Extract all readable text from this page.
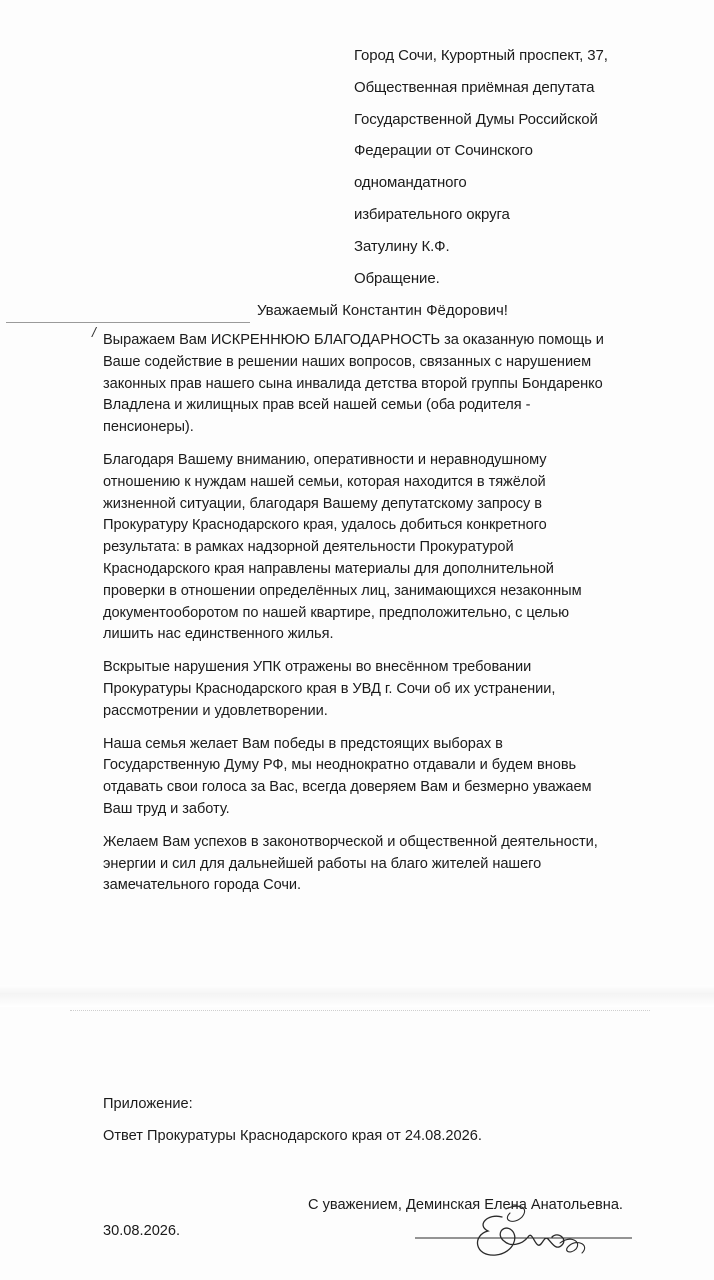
Город Сочи, Курортный проспект, 37,
Общественная приёмная депутата
Государственной Думы Российской
Федерации от Сочинского
одномандатного
избирательного округа
Затулину К.Ф.
Обращение.
Уважаемый Константин Фёдорович!
/ Выражаем Вам ИСКРЕННЮЮ БЛАГОДАРНОСТЬ за оказанную помощь и
Ваше содействие в решении наших вопросов, связанных с нарушением
законных прав нашего сына инвалида детства второй группы Бондаренко
Владлена и жилищных прав всей нашей семьи (оба родителя -
пенсионеры).
Благодаря Вашему вниманию, оперативности и неравнодушному
отношению к нуждам нашей семьи, которая находится в тяжёлой
жизненной ситуации, благодаря Вашему депутатскому запросу в
Прокуратуру Краснодарского края, удалось добиться конкретного
результата: в рамках надзорной деятельности Прокуратурой
Краснодарского края направлены материалы для дополнительной
проверки в отношении определённых лиц, занимающихся незаконным
документооборотом по нашей квартире, предположительно, с целью
лишить нас единственного жилья.
Вскрытые нарушения УПК отражены во внесённом требовании
Прокуратуры Краснодарского края в УВД г. Сочи об их устранении,
рассмотрении и удовлетворении.
Наша семья желает Вам победы в предстоящих выборах в
Государственную Думу РФ, мы неоднократно отдавали и будем вновь
отдавать свои голоса за Вас, всегда доверяем Вам и безмерно уважаем
Ваш труд и заботу.
Желаем Вам успехов в законотворческой и общественной деятельности,
энергии и сил для дальнейшей работы на благо жителей нашего
замечательного города Сочи.
Приложение:
Ответ Прокуратуры Краснодарского края от 24.08.2026.
С уважением, Деминская Елена Анатольевна.
30.08.2026.
